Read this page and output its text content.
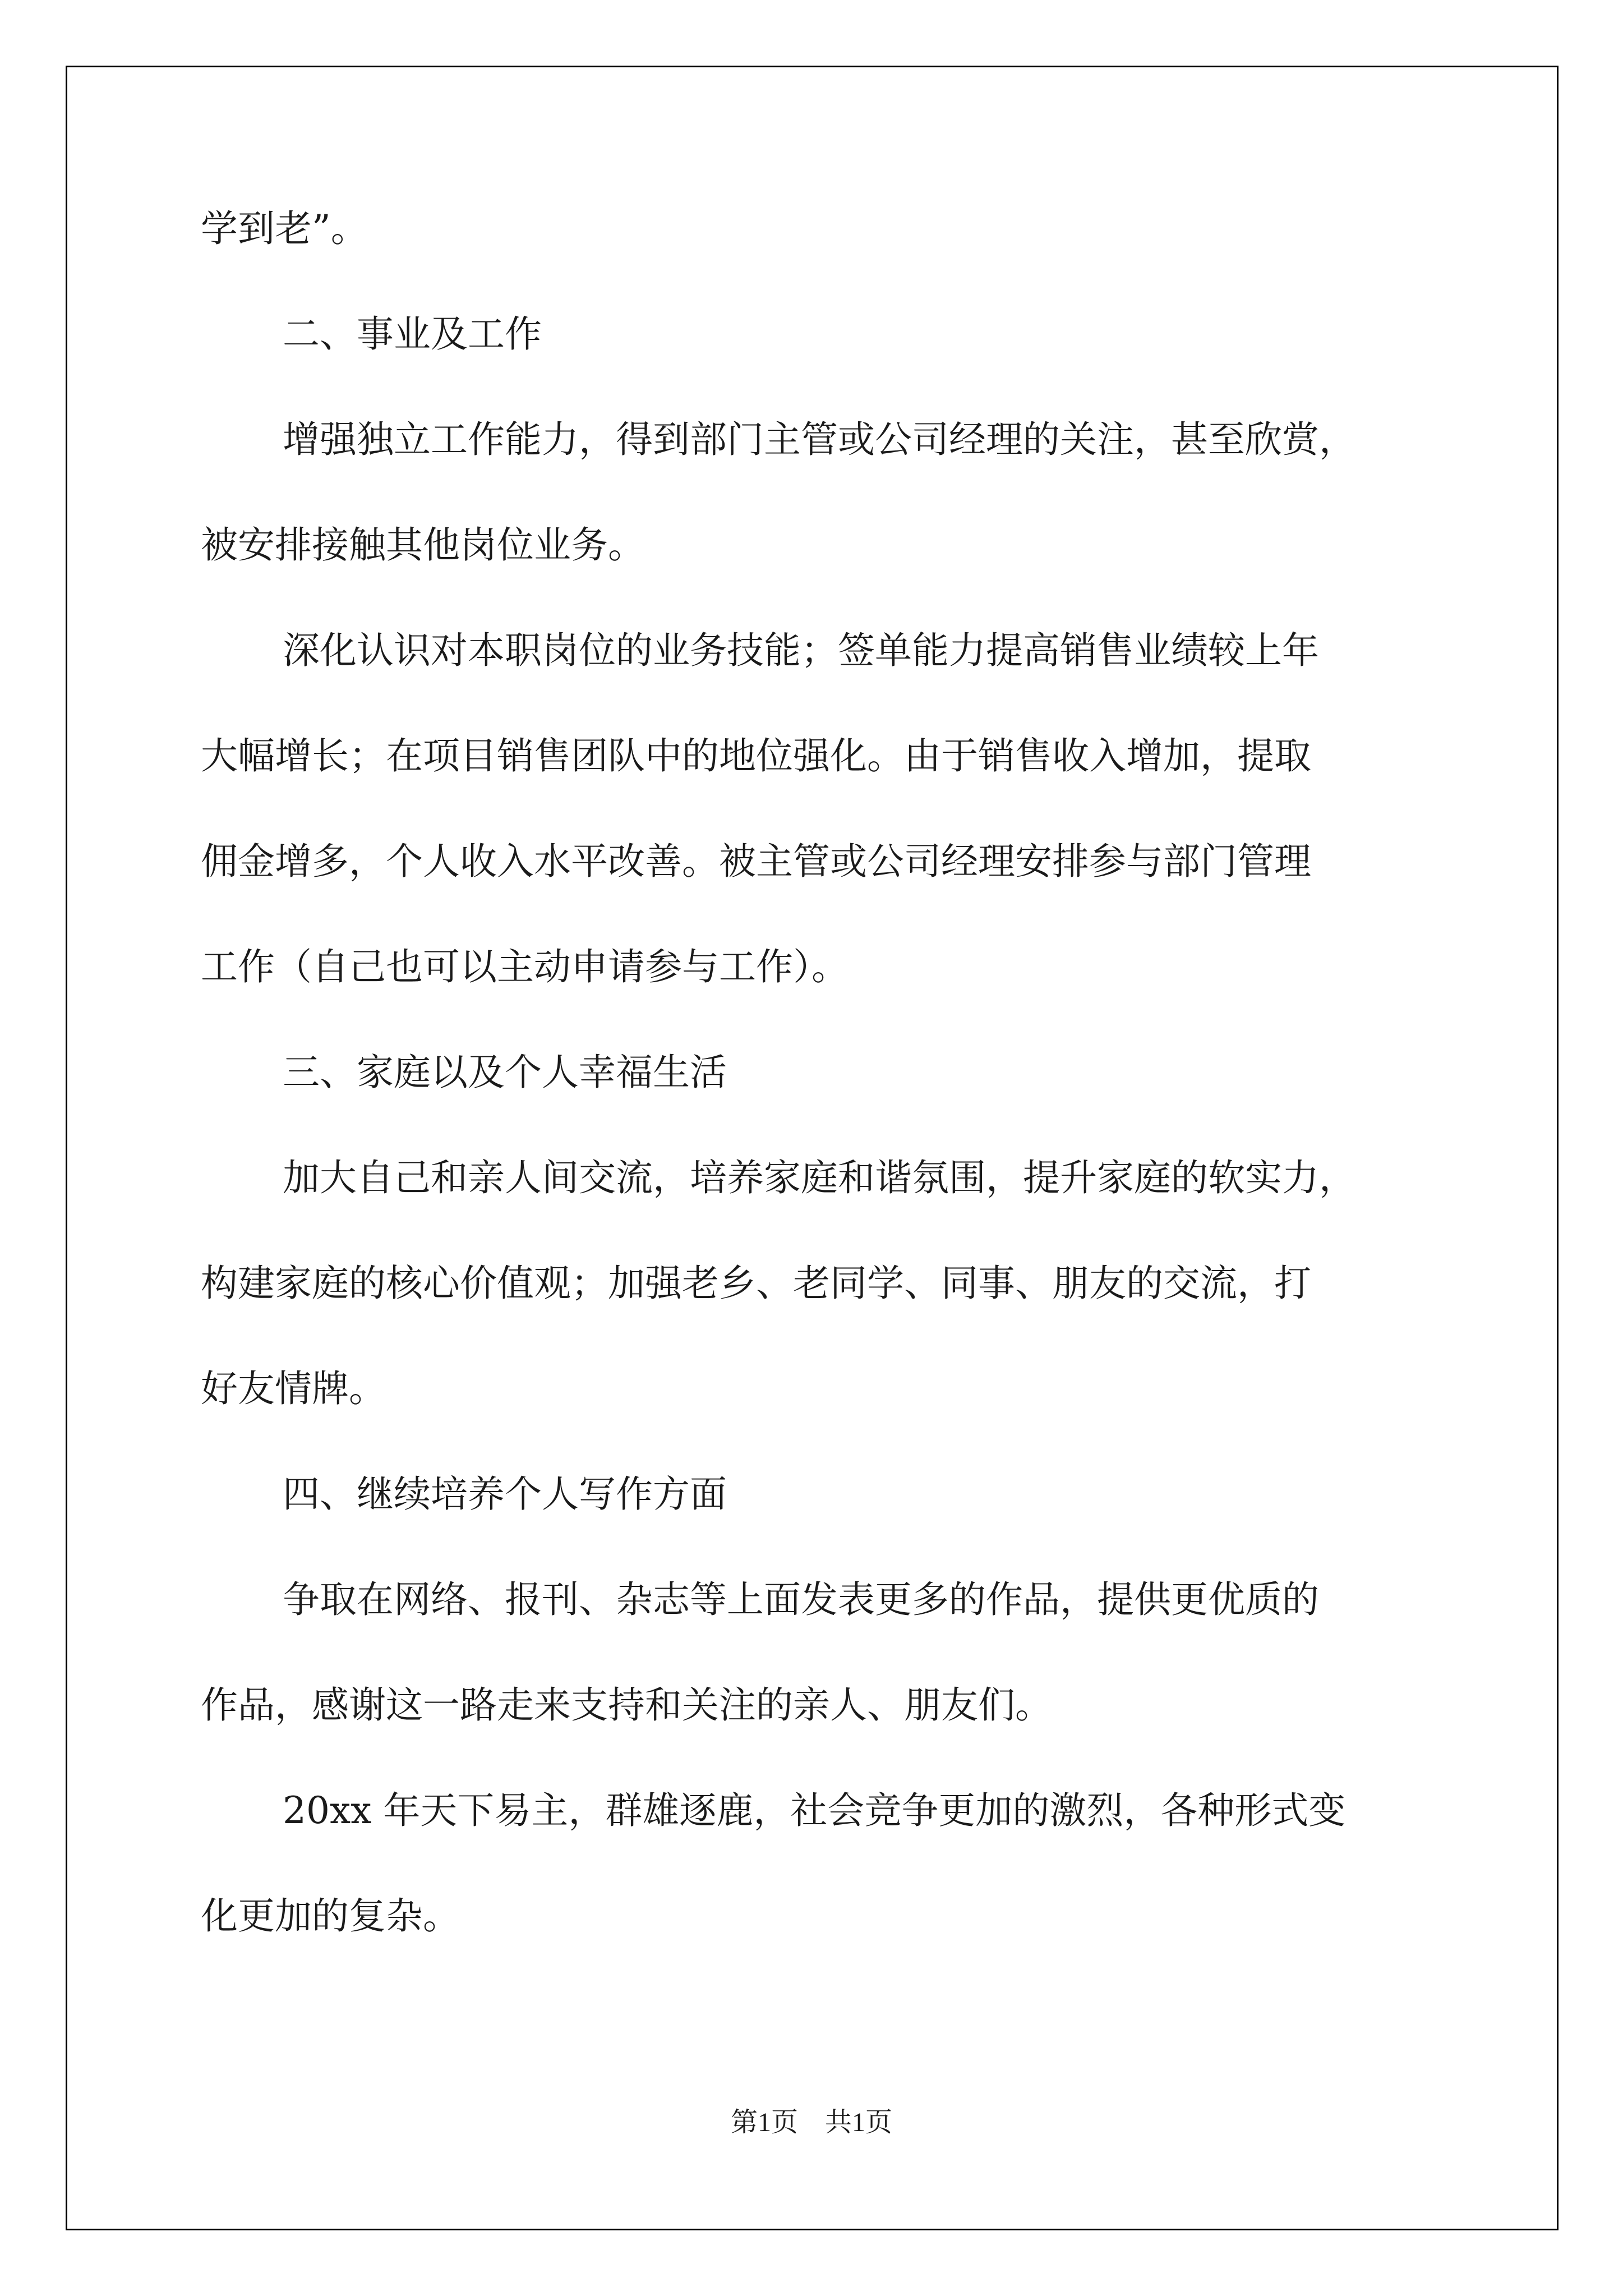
学到老”。
二、事业及工作
增强独立工作能力，得到部门主管或公司经理的关注，甚至欣赏，
被安排接触其他岗位业务。
深化认识对本职岗位的业务技能；签单能力提高销售业绩较上年
大幅增长；在项目销售团队中的地位强化。由于销售收入增加，提取
佣金增多，个人收入水平改善。被主管或公司经理安排参与部门管理
工作（自己也可以主动申请参与工作）。
三、家庭以及个人幸福生活
加大自己和亲人间交流，培养家庭和谐氛围，提升家庭的软实力，
构建家庭的核心价值观；加强老乡、老同学、同事、朋友的交流，打
好友情牌。
四、继续培养个人写作方面
争取在网络、报刊、杂志等上面发表更多的作品，提供更优质的
作品，感谢这一路走来支持和关注的亲人、朋友们。
20xx 年天下易主，群雄逐鹿，社会竞争更加的激烈，各种形式变
化更加的复杂。
第1页　共1页
